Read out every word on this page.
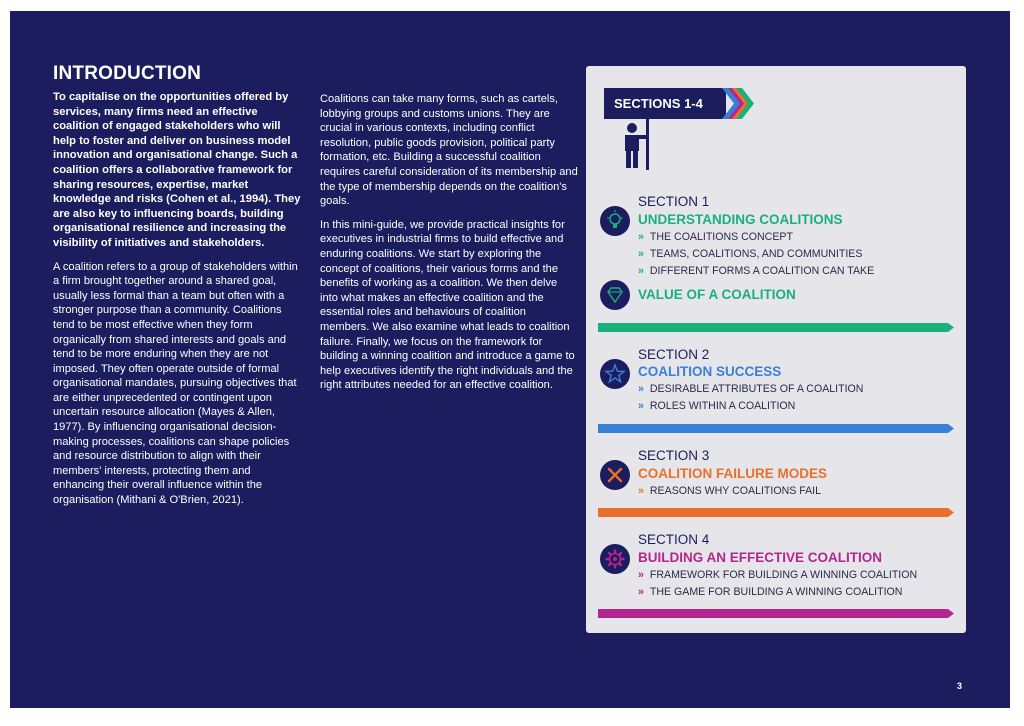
INTRODUCTION

To capitalise on the opportunities offered by services, many firms need an effective coalition of engaged stakeholders who will help to foster and deliver on business model innovation and organisational change. Such a coalition offers a collaborative framework for sharing resources, expertise, market knowledge and risks (Cohen et al., 1994). They are also key to influencing boards, building organisational resilience and increasing the visibility of initiatives and stakeholders.

A coalition refers to a group of stakeholders within a firm brought together around a shared goal, usually less formal than a team but often with a stronger purpose than a community. Coalitions tend to be most effective when they form organically from shared interests and goals and tend to be more enduring when they are not imposed. They often operate outside of formal organisational mandates, pursuing objectives that are either unprecedented or contingent upon uncertain resource allocation (Mayes & Allen, 1977). By influencing organisational decision-making processes, coalitions can shape policies and resource distribution to align with their members' interests, protecting them and enhancing their overall influence within the organisation (Mithani & O'Brien, 2021).

Coalitions can take many forms, such as cartels, lobbying groups and customs unions. They are crucial in various contexts, including conflict resolution, public goods provision, political party formation, etc. Building a successful coalition requires careful consideration of its membership and the type of membership depends on the coalition's goals.

In this mini-guide, we provide practical insights for executives in industrial firms to build effective and enduring coalitions. We start by exploring the concept of coalitions, their various forms and the benefits of working as a coalition. We then delve into what makes an effective coalition and the essential roles and behaviours of coalition members. We also examine what leads to coalition failure. Finally, we focus on the framework for building a winning coalition and introduce a game to help executives identify the right individuals and the right attributes needed for an effective coalition.

SECTIONS 1-4
SECTION 1
UNDERSTANDING COALITIONS
» THE COALITIONS CONCEPT
» TEAMS, COALITIONS, AND COMMUNITIES
» DIFFERENT FORMS A COALITION CAN TAKE
VALUE OF A COALITION
SECTION 2
COALITION SUCCESS
» DESIRABLE ATTRIBUTES OF A COALITION
» ROLES WITHIN A COALITION
SECTION 3
COALITION FAILURE MODES
» REASONS WHY COALITIONS FAIL
SECTION 4
BUILDING AN EFFECTIVE COALITION
» FRAMEWORK FOR BUILDING A WINNING COALITION
» THE GAME FOR BUILDING A WINNING COALITION
3
